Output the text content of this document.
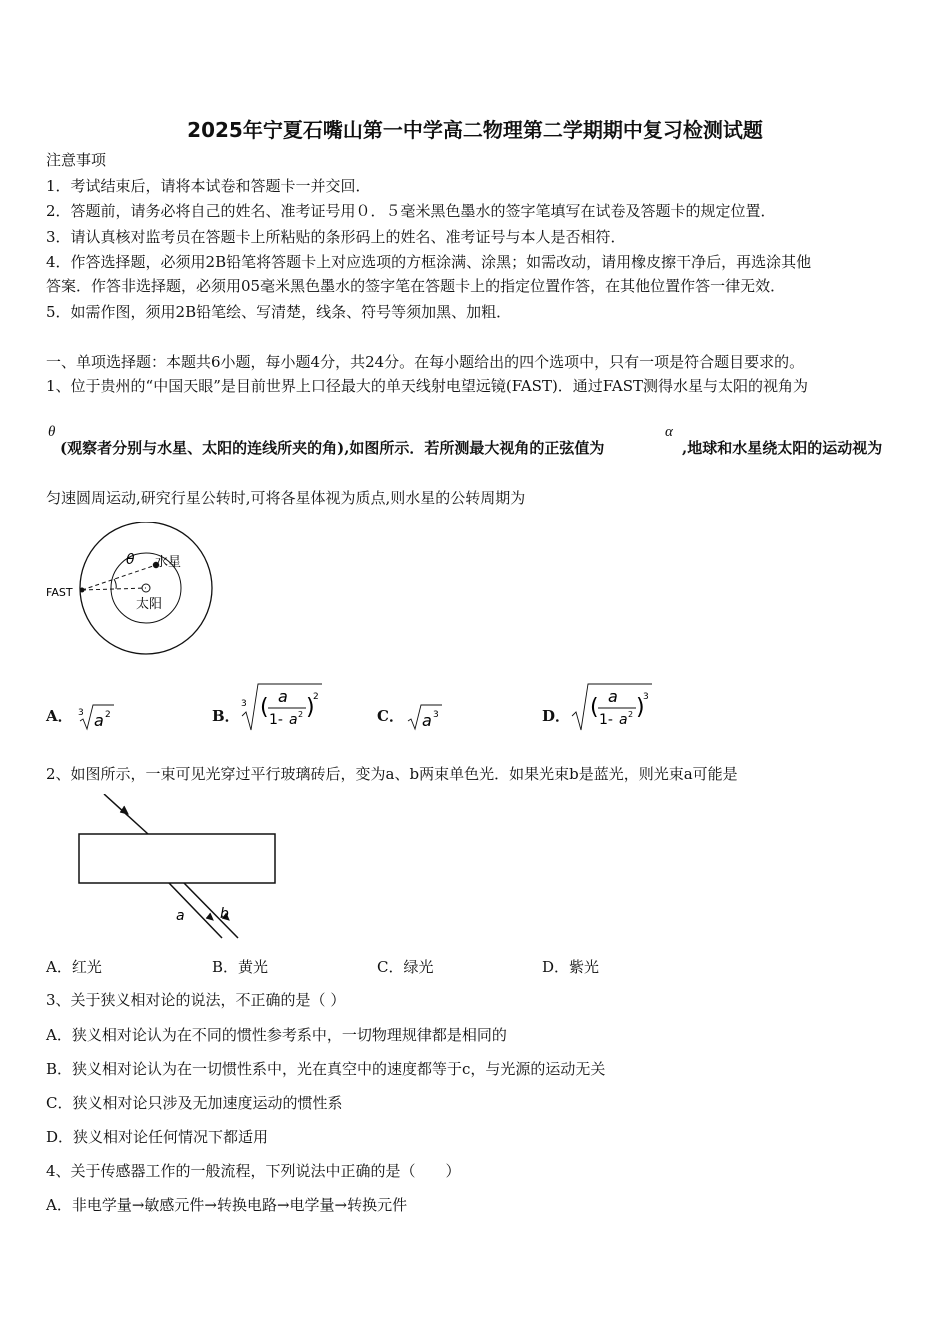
2025年宁夏石嘴山第一中学高二物理第二学期期中复习检测试题
注意事项
1．考试结束后，请将本试卷和答题卡一并交回．
2．答题前，请务必将自己的姓名、准考证号用０．５毫米黑色墨水的签字笔填写在试卷及答题卡的规定位置．
3．请认真核对监考员在答题卡上所粘贴的条形码上的姓名、准考证号与本人是否相符．
4．作答选择题，必须用2B铅笔将答题卡上对应选项的方框涂满、涂黑；如需改动，请用橡皮擦干净后，再选涂其他
答案．作答非选择题，必须用05毫米黑色墨水的签字笔在答题卡上的指定位置作答，在其他位置作答一律无效．
5．如需作图，须用2B铅笔绘、写清楚，线条、符号等须加黑、加粗．
一、单项选择题：本题共6小题，每小题4分，共24分。在每小题给出的四个选项中，只有一项是符合题目要求的。
1、位于贵州的“中国天眼”是目前世界上口径最大的单天线射电望远镜(FAST)．通过FAST测得水星与太阳的视角为
θ	α
(观察者分别与水星、太阳的连线所夹的角),如图所示．若所测最大视角的正弦值为	,地球和水星绕太阳的运动视为
匀速圆周运动,研究行星公转时,可将各星体视为质点,则水星的公转周期为
FAST
水星
太阳
θ
A． 3 a 2	B．
3 ( a
1- a 2 )
2
C． a 3	D． ( a
1- a 2 )
3
2、如图所示，一束可见光穿过平行玻璃砖后，变为a、b两束单色光．如果光束b是蓝光，则光束a可能是
a	b
A．红光	B．黄光	C．绿光	D．紫光
3、关于狭义相对论的说法，不正确的是（ ）
A．狭义相对论认为在不同的惯性参考系中，一切物理规律都是相同的
B．狭义相对论认为在一切惯性系中，光在真空中的速度都等于c，与光源的运动无关
C．狭义相对论只涉及无加速度运动的惯性系
D．狭义相对论任何情况下都适用
4、关于传感器工作的一般流程，下列说法中正确的是（　　）
A．非电学量→敏感元件→转换电路→电学量→转换元件
